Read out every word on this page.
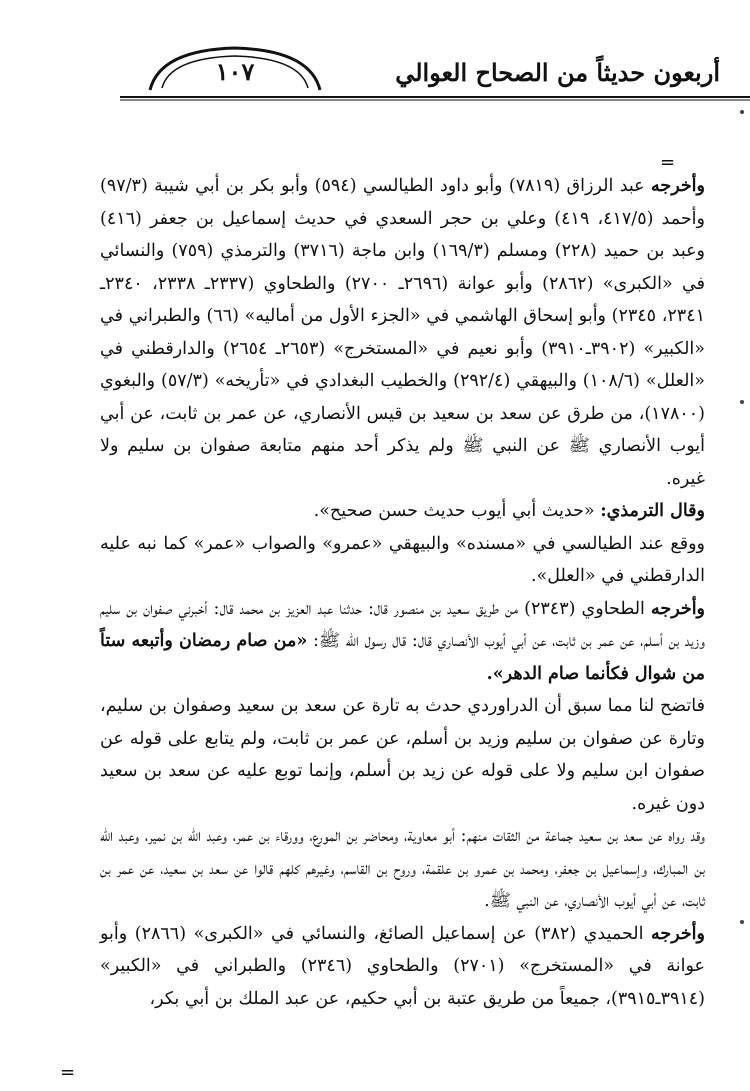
١٠٧	أربعون حديثاً من الصحاح العوالي
=
=

وأخرجه عبد الرزاق (٧٨١٩) وأبو داود الطيالسي (٥٩٤) وأبو بكر بن أبي شيبة (٩٧/٣) وأحمد (٤١٧/٥، ٤١٩) وعلي بن حجر السعدي في حديث إسماعيل بن جعفر (٤١٦) وعبد بن حميد (٢٢٨) ومسلم (١٦٩/٣) وابن ماجة (٣٧١٦) والترمذي (٧٥٩) والنسائي في «الكبرى» (٢٨٦٢) وأبو عوانة (٢٦٩٦ـ ٢٧٠٠) والطحاوي (٢٣٣٧ـ ٢٣٣٨، ٢٣٤٠ـ ٢٣٤١، ٢٣٤٥) وأبو إسحاق الهاشمي في «الجزء الأول من أماليه» (٦٦) والطبراني في «الكبير» (٣٩٠٢ـ٣٩١٠) وأبو نعيم في «المستخرج» (٢٦٥٣ـ ٢٦٥٤) والدارقطني في «العلل» (١٠٨/٦) والبيهقي (٢٩٢/٤) والخطيب البغدادي في «تأريخه» (٥٧/٣) والبغوي (١٧٨٠٠)، من طرق عن سعد بن سعيد بن قيس الأنصاري، عن عمر بن ثابت، عن أبي أيوب الأنصاري ﷺ عن النبي ﷺ ولم يذكر أحد منهم متابعة صفوان بن سليم ولا غيره.

وقال الترمذي: «حديث أبي أيوب حديث حسن صحيح».

ووقع عند الطيالسي في «مسنده» والبيهقي «عمرو» والصواب «عمر» كما نبه عليه الدارقطني في «العلل».

وأخرجه الطحاوي (٢٣٤٣) من طريق سعيد بن منصور قال: حدثنا عبد العزيز بن محمد قال: أخبرني صفوان بن سليم وزيد بن أسلم، عن عمر بن ثابت، عن أبي أيوب الأنصاري قال: قال رسول الله ﷺ: «من صام رمضان وأتبعه ستاً من شوال فكأنما صام الدهر».

فاتضح لنا مما سبق أن الدراوردي حدث به تارة عن سعد بن سعيد وصفوان بن سليم، وتارة عن صفوان بن سليم وزيد بن أسلم، عن عمر بن ثابت، ولم يتابع على قوله عن صفوان ابن سليم ولا على قوله عن زيد بن أسلم، وإنما توبع عليه عن سعد بن سعيد دون غيره.

وقد رواه عن سعد بن سعيد جماعة من الثقات منهم: أبو معاوية، ومحاضر بن المورع، وورقاء بن عمر، وعبد الله بن نمير، وعبد الله بن المبارك، وإسماعيل بن جعفر، ومحمد بن عمرو بن علقمة، وروح بن القاسم، وغيرهم كلهم قالوا عن سعد بن سعيد، عن عمر بن ثابت، عن أبي أيوب الأنصاري، عن النبي ﷺ.

وأخرجه الحميدي (٣٨٢) عن إسماعيل الصائغ، والنسائي في «الكبرى» (٢٨٦٦) وأبو عوانة في «المستخرج» (٢٧٠١) والطحاوي (٢٣٤٦) والطبراني في «الكبير» (٣٩١٤ـ٣٩١٥)، جميعاً من طريق عتبة بن أبي حكيم، عن عبد الملك بن أبي بكر،
